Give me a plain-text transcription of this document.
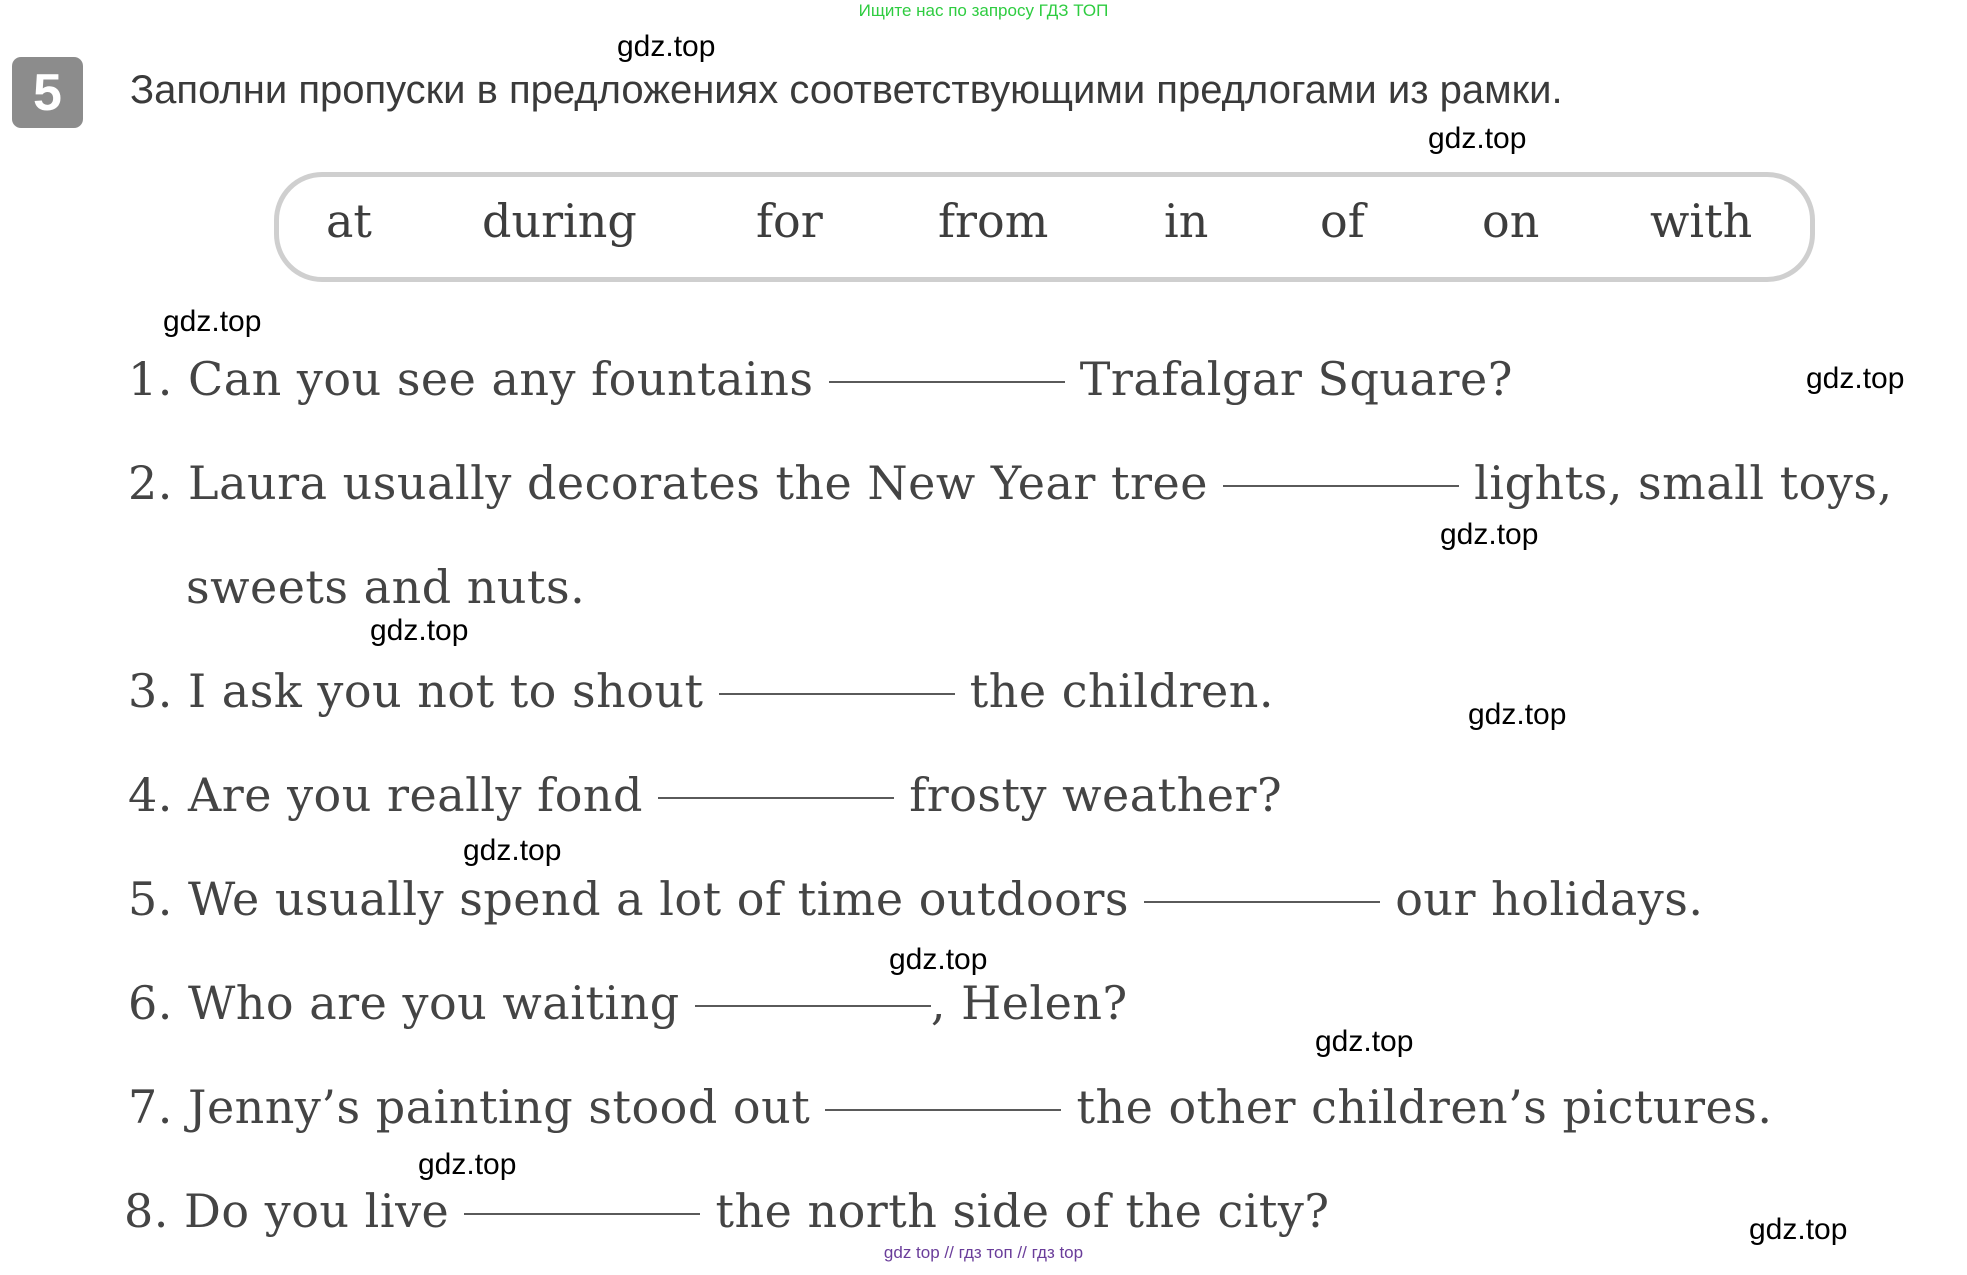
Ищите нас по запросу ГДЗ ТОП
5	Заполни пропуски в предложениях соответствующими предлогами из рамки.
at during	for	from	in of	on with
1. Can you see any fountains	Trafalgar Square?
2. Laura usually decorates the New Year tree	lights, small toys,
sweets and nuts.
3. I ask you not to shout	the children.
4. Are you really fond	frosty weather?
5. We usually spend a lot of time outdoors	our holidays.
6. Who are you waiting	, Helen?
7. Jenny’s painting stood out	the other children’s pictures.
8. Do you live	the north side of the city?
gdz.top
gdz.top
gdz.top
gdz.top
gdz.top
gdz.top
gdz.top
gdz.top
gdz.top
gdz.top
gdz.top
gdz.top
gdz top // гдз топ // гдз top
